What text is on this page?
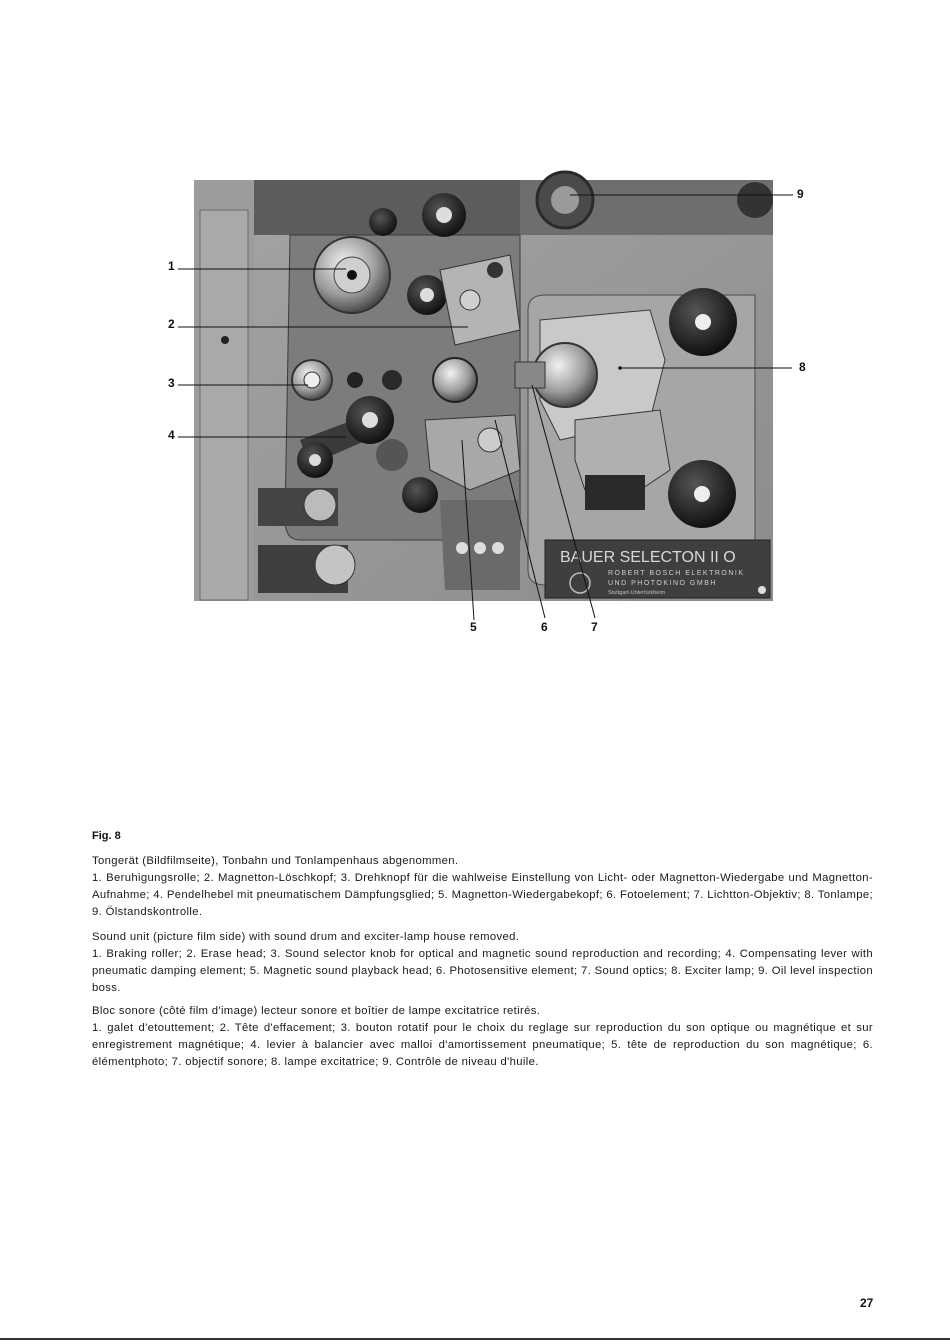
BAUER SELECTON II O
ROBERT BOSCH ELEKTRONIK
UND PHOTOKINO GMBH
Stuttgart-Untertürkheim
1
2
3
4
5	6	7
8
9
Fig. 8

Tongerät (Bildfilmseite), Tonbahn und Tonlampenhaus abgenommen.

1. Beruhigungsrolle; 2. Magnetton-Löschkopf; 3. Drehknopf für die wahlweise Einstellung von Licht- oder Magnetton-Wiedergabe und Magnetton-Aufnahme; 4. Pendelhebel mit pneumatischem Dämpfungsglied; 5. Magnetton-Wiedergabekopf; 6. Fotoelement; 7. Lichtton-Objektiv; 8. Tonlampe; 9. Ölstandskontrolle.

Sound unit (picture film side) with sound drum and exciter-lamp house removed.

1. Braking roller; 2. Erase head; 3. Sound selector knob for optical and magnetic sound reproduction and recording; 4. Compensating lever with pneumatic damping element; 5. Magnetic sound playback head; 6. Photosensitive element; 7. Sound optics; 8. Exciter lamp; 9. Oil level inspection boss.

Bloc sonore (côté film d'image) lecteur sonore et boîtier de lampe excitatrice retirés.

1. galet d'etouttement; 2. Tête d'effacement; 3. bouton rotatif pour le choix du reglage sur reproduction du son optique ou magnétique et sur enregistrement magnétique; 4. levier à balancier avec malloi d'amortissement pneumatique; 5. tête de reproduction du son magnétique; 6. élémentphoto; 7. objectif sonore; 8. lampe excitatrice; 9. Contrôle de niveau d'huile.

27
